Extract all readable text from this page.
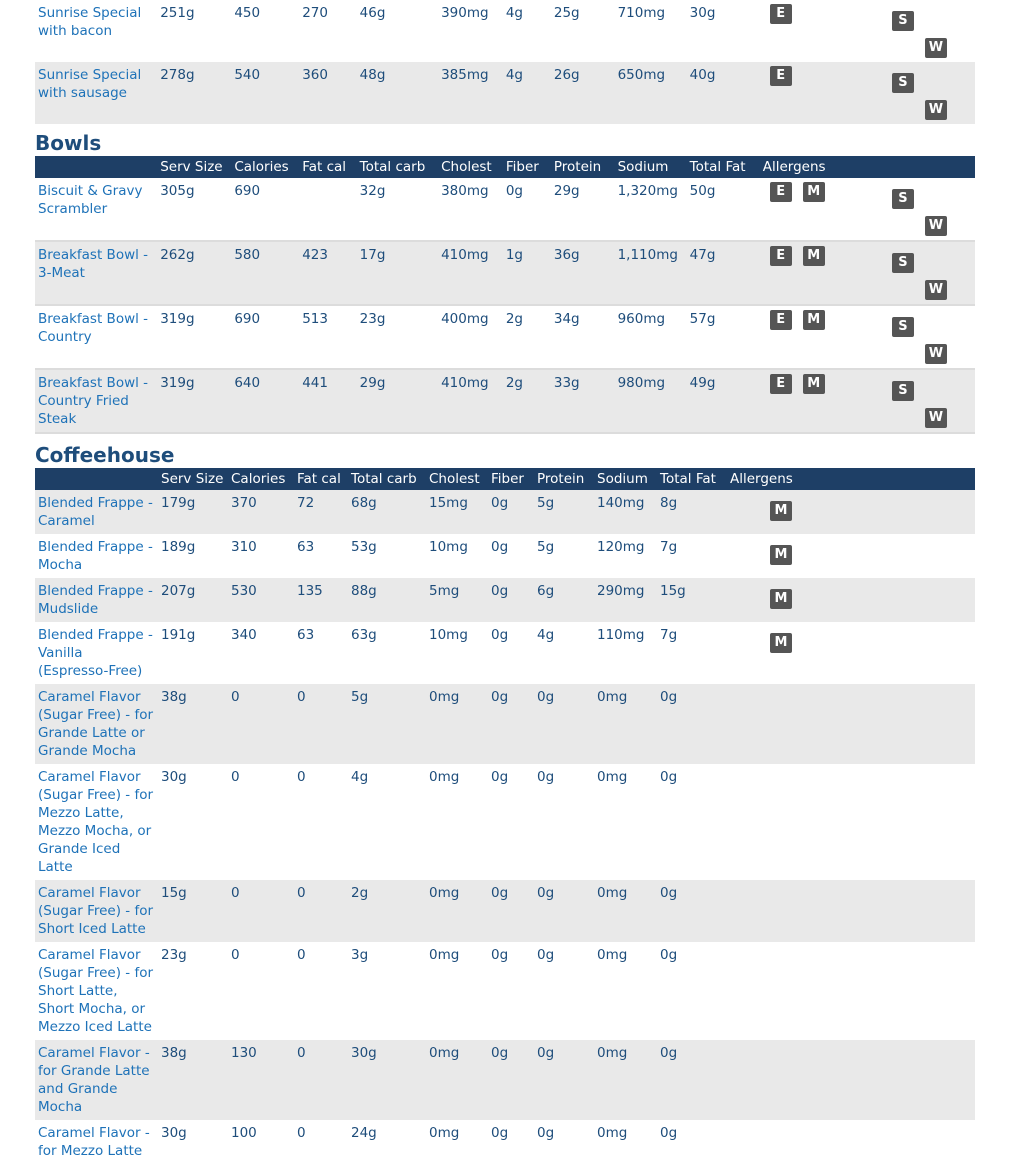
Sunrise Special with bacon	251g	450	270	46g	390mg	4g	25g	710mg	30g	E	SW	
Sunrise Special with sausage	278g	540	360	48g	385mg	4g	26g	650mg	40g	E	SW	
Bowls
	Serv Size	Calories	Fat cal	Total carb	Cholest	Fiber	Protein	Sodium	Total Fat	Allergens		
Biscuit & Gravy Scrambler	305g	690		32g	380mg	0g	29g	1,320mg	50g	E M	SW	
Breakfast Bowl - 3-Meat	262g	580	423	17g	410mg	1g	36g	1,110mg	47g	E M	SW	
Breakfast Bowl - Country	319g	690	513	23g	400mg	2g	34g	960mg	57g	E M	SW	
Breakfast Bowl - Country Fried Steak	319g	640	441	29g	410mg	2g	33g	980mg	49g	E M	SW	
Coffeehouse
	Serv Size	Calories	Fat cal	Total carb	Cholest	Fiber	Protein	Sodium	Total Fat	Allergens		
Blended Frappe - Caramel	179g	370	72	68g	15mg	0g	5g	140mg	8g	M		
Blended Frappe - Mocha	189g	310	63	53g	10mg	0g	5g	120mg	7g	M		
Blended Frappe - Mudslide	207g	530	135	88g	5mg	0g	6g	290mg	15g	M		
Blended Frappe - Vanilla (Espresso-Free)	191g	340	63	63g	10mg	0g	4g	110mg	7g	M		
Caramel Flavor (Sugar Free) - for Grande Latte or Grande Mocha	38g	0	0	5g	0mg	0g	0g	0mg	0g			
Caramel Flavor (Sugar Free) - for Mezzo Latte, Mezzo Mocha, or Grande Iced Latte	30g	0	0	4g	0mg	0g	0g	0mg	0g			
Caramel Flavor (Sugar Free) - for Short Iced Latte	15g	0	0	2g	0mg	0g	0g	0mg	0g			
Caramel Flavor (Sugar Free) - for Short Latte, Short Mocha, or Mezzo Iced Latte	23g	0	0	3g	0mg	0g	0g	0mg	0g			
Caramel Flavor - for Grande Latte and Grande Mocha	38g	130	0	30g	0mg	0g	0g	0mg	0g			
Caramel Flavor - for Mezzo Latte	30g	100	0	24g	0mg	0g	0g	0mg	0g			
